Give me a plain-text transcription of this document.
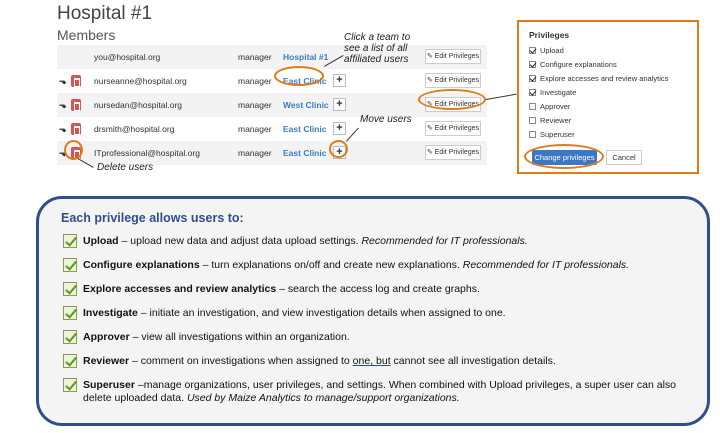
Hospital #1
Members
you@hospital.org	manager Hospital #1	✎ Edit Privileges
⬎	nurseanne@hospital.org	manager East Clinic +	✎ Edit Privileges
⬎	nursedan@hospital.org	manager West Clinic +	✎ Edit Privileges
⬎	drsmith@hospital.org	manager East Clinic +	✎ Edit Privileges
⬎	ITprofessional@hospital.org	manager East Clinic +	✎ Edit Privileges
Click a team to
see a list of all
affiliated users
Move users
Delete users
Privileges
Upload
Configure explanations
Explore accesses and review analytics
Investigate
Approver
Reviewer
Superuser
Change privileges	Cancel
Each privilege allows users to:
Upload – upload new data and adjust data upload settings. Recommended for IT professionals.
Configure explanations – turn explanations on/off and create new explanations. Recommended for IT professionals.
Explore accesses and review analytics – search the access log and create graphs.
Investigate – initiate an investigation, and view investigation details when assigned to one.
Approver – view all investigations within an organization.
Reviewer – comment on investigations when assigned to one, but cannot see all investigation details.
Superuser –manage organizations, user privileges, and settings. When combined with Upload privileges, a super user can also delete uploaded data. Used by Maize Analytics to manage/support organizations.
